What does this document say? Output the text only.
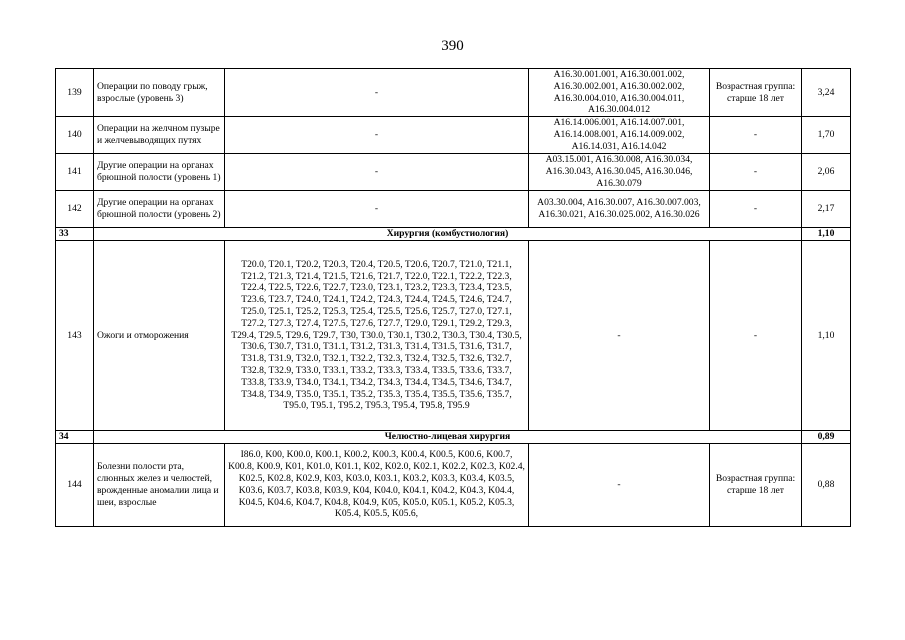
390
139	Операции по поводу грыж, взрослые (уровень 3)	-	A16.30.001.001, A16.30.001.002, A16.30.002.001, A16.30.002.002, A16.30.004.010, A16.30.004.011, A16.30.004.012	Возрастная группа: старше 18 лет	3,24
140	Операции на желчном пузыре и желчевыводящих путях	-	A16.14.006.001, A16.14.007.001, A16.14.008.001, A16.14.009.002, A16.14.031, A16.14.042	-	1,70
141	Другие операции на органах брюшной полости (уровень 1)	-	A03.15.001, A16.30.008, A16.30.034, A16.30.043, A16.30.045, A16.30.046, A16.30.079	-	2,06
142	Другие операции на органах брюшной полости (уровень 2)	-	A03.30.004, A16.30.007, A16.30.007.003, A16.30.021, A16.30.025.002, A16.30.026	-	2,17
33	Хирургия (комбустиология)				1,10
143	Ожоги и отморожения	T20.0, T20.1, T20.2, T20.3, T20.4, T20.5, T20.6, T20.7, T21.0, T21.1, T21.2, T21.3, T21.4, T21.5, T21.6, T21.7, T22.0, T22.1, T22.2, T22.3, T22.4, T22.5, T22.6, T22.7, T23.0, T23.1, T23.2, T23.3, T23.4, T23.5, T23.6, T23.7, T24.0, T24.1, T24.2, T24.3, T24.4, T24.5, T24.6, T24.7, T25.0, T25.1, T25.2, T25.3, T25.4, T25.5, T25.6, T25.7, T27.0, T27.1, T27.2, T27.3, T27.4, T27.5, T27.6, T27.7, T29.0, T29.1, T29.2, T29.3, T29.4, T29.5, T29.6, T29.7, T30, T30.0, T30.1, T30.2, T30.3, T30.4, T30.5, T30.6, T30.7, T31.0, T31.1, T31.2, T31.3, T31.4, T31.5, T31.6, T31.7, T31.8, T31.9, T32.0, T32.1, T32.2, T32.3, T32.4, T32.5, T32.6, T32.7, T32.8, T32.9, T33.0, T33.1, T33.2, T33.3, T33.4, T33.5, T33.6, T33.7, T33.8, T33.9, T34.0, T34.1, T34.2, T34.3, T34.4, T34.5, T34.6, T34.7, T34.8, T34.9, T35.0, T35.1, T35.2, T35.3, T35.4, T35.5, T35.6, T35.7, T95.0, T95.1, T95.2, T95.3, T95.4, T95.8, T95.9	-	-	1,10
34	Челюстно-лицевая хирургия				0,89
144	Болезни полости рта, слюнных желез и челюстей, врожденные аномалии лица и шеи, взрослые	I86.0, K00, K00.0, K00.1, K00.2, K00.3, K00.4, K00.5, K00.6, K00.7, K00.8, K00.9, K01, K01.0, K01.1, K02, K02.0, K02.1, K02.2, K02.3, K02.4, K02.5, K02.8, K02.9, K03, K03.0, K03.1, K03.2, K03.3, K03.4, K03.5, K03.6, K03.7, K03.8, K03.9, K04, K04.0, K04.1, K04.2, K04.3, K04.4, K04.5, K04.6, K04.7, K04.8, K04.9, K05, K05.0, K05.1, K05.2, K05.3, K05.4, K05.5, K05.6,	-	Возрастная группа: старше 18 лет	0,88
